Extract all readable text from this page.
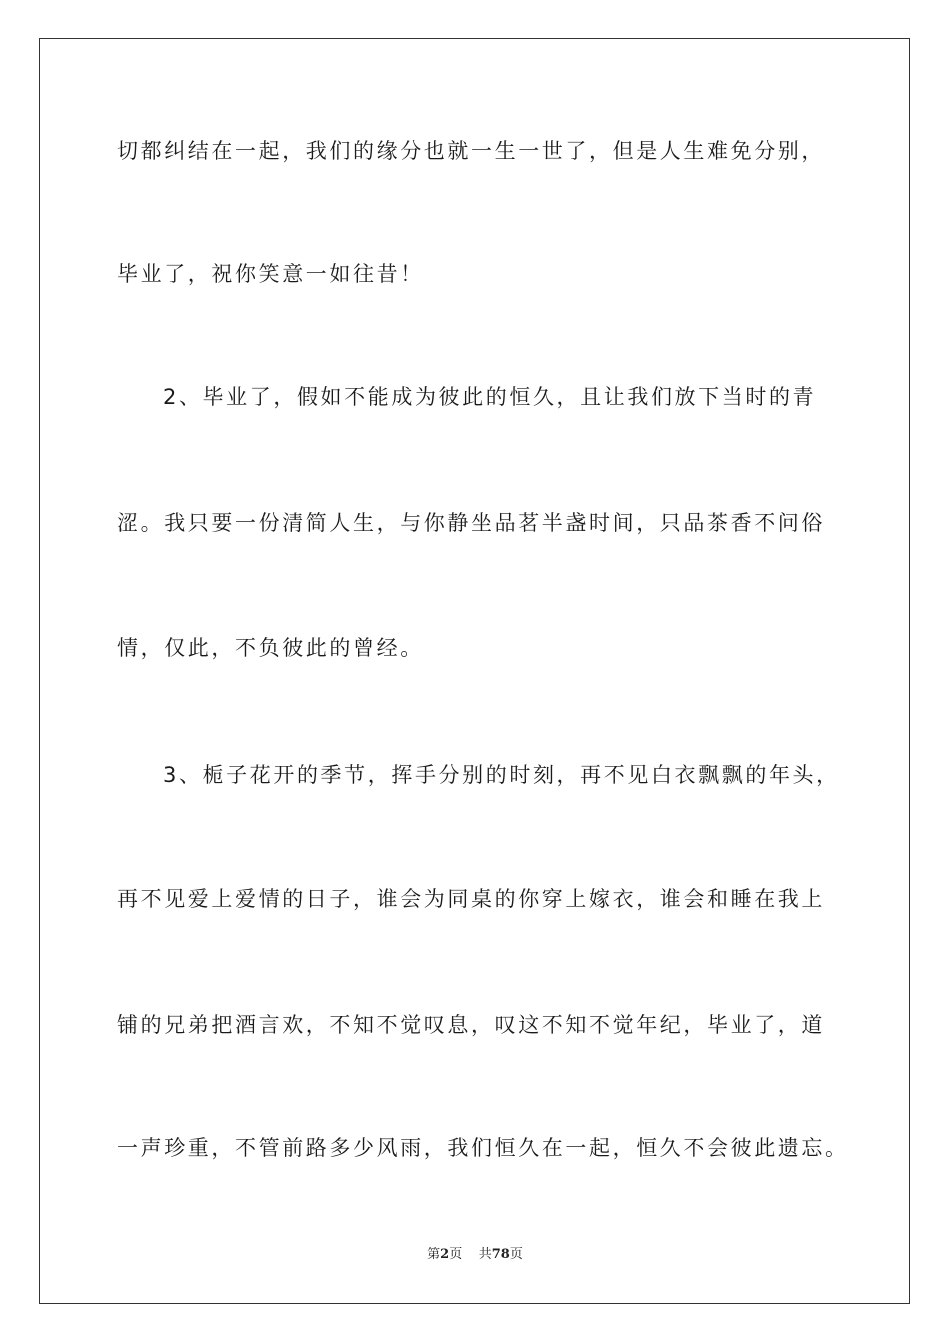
切都纠结在一起，我们的缘分也就一生一世了，但是人生难免分别，
毕业了，祝你笑意一如往昔！
2、毕业了，假如不能成为彼此的恒久，且让我们放下当时的青
涩。我只要一份清简人生，与你静坐品茗半盏时间，只品茶香不问俗
情，仅此，不负彼此的曾经。
3、栀子花开的季节，挥手分别的时刻，再不见白衣飘飘的年头，
再不见爱上爱情的日子，谁会为同桌的你穿上嫁衣，谁会和睡在我上
铺的兄弟把酒言欢，不知不觉叹息，叹这不知不觉年纪，毕业了，道
一声珍重，不管前路多少风雨，我们恒久在一起，恒久不会彼此遗忘。
第2页 共78页
